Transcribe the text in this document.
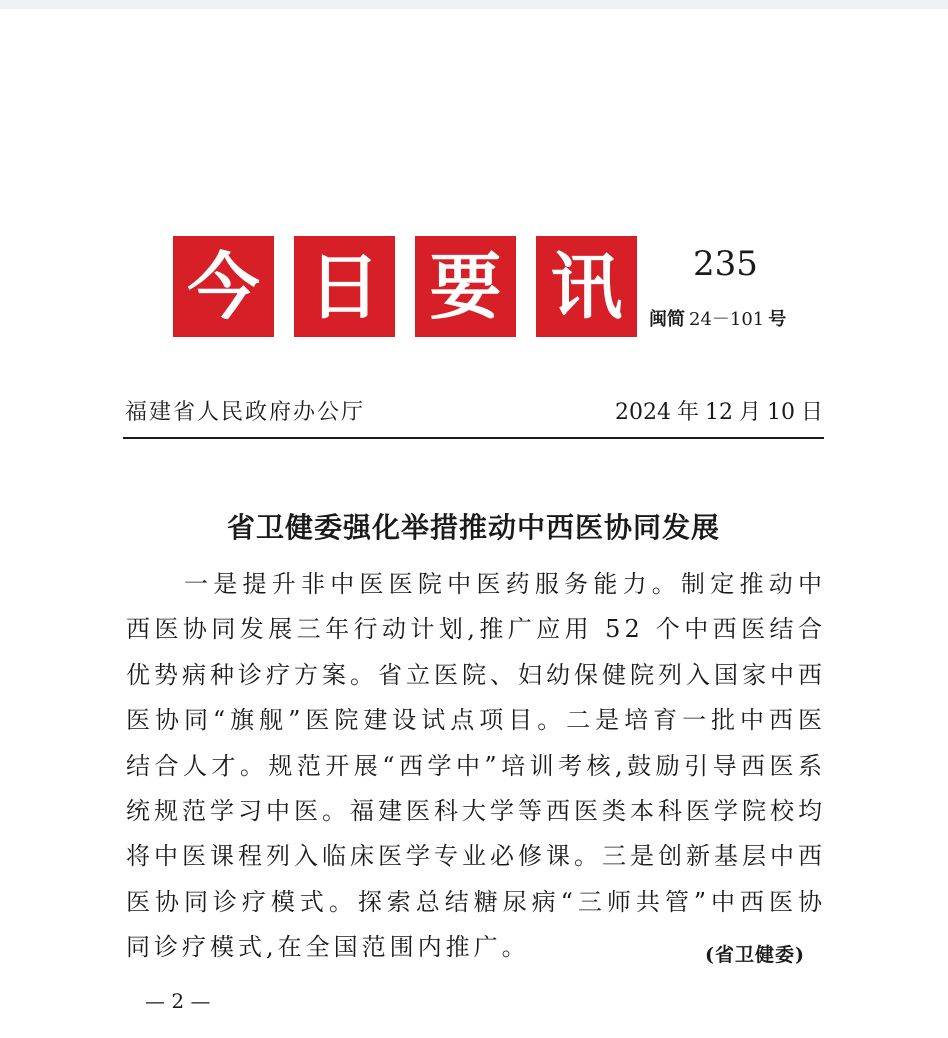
今 日 要 讯	235
闽简 24－101 号
福建省人民政府办公厅	2024 年 12 月 10 日
省卫健委强化举措推动中西医协同发展

一是提升非中医医院中医药服务能力。制定推动中西医协同发展三年行动计划,推广应用 52 个中西医结合优势病种诊疗方案。省立医院、妇幼保健院列入国家中西医协同“旗舰”医院建设试点项目。二是培育一批中西医结合人才。规范开展“西学中”培训考核,鼓励引导西医系统规范学习中医。福建医科大学等西医类本科医学院校均将中医课程列入临床医学专业必修课。三是创新基层中西医协同诊疗模式。探索总结糖尿病“三师共管”中西医协同诊疗模式,在全国范围内推广。	(省卫健委)
— 2 —
